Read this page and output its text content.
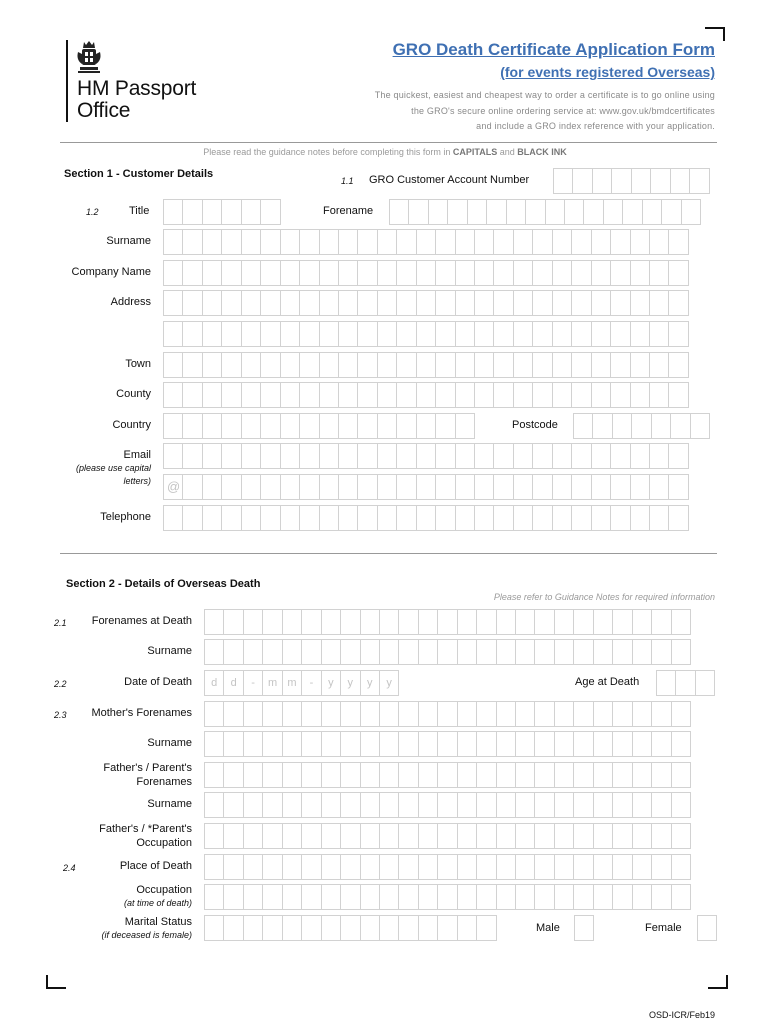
HM Passport
Office
GRO Death Certificate Application Form
(for events registered Overseas)
The quickest, easiest and cheapest way to order a certificate is to go online using
the GRO's secure online ordering service at: www.gov.uk/bmdcertificates
and include a GRO index reference with your application.
Please read the guidance notes before completing this form in CAPITALS and BLACK INK
Section 1 - Customer Details
1.1 GRO Customer Account Number
1.2	Title	Forename
Surname
Company Name
Address
Town
County
Country	Postcode
Email
(please use capital
letters) @
Telephone
Section 2 - Details of Overseas Death
Please refer to Guidance Notes for required information
2.1 Forenames at Death
Surname
2.2	Date of Death	d	d	-	m m	-	y	y	y	y	Age at Death
2.3 Mother's Forenames
Surname
Father's / Parent's
Forenames
Surname
Father's / *Parent's
Occupation
2.4	Place of Death
Occupation
(at time of death)
Marital Status
(if deceased is female)
Male	Female
OSD-ICR/Feb19
